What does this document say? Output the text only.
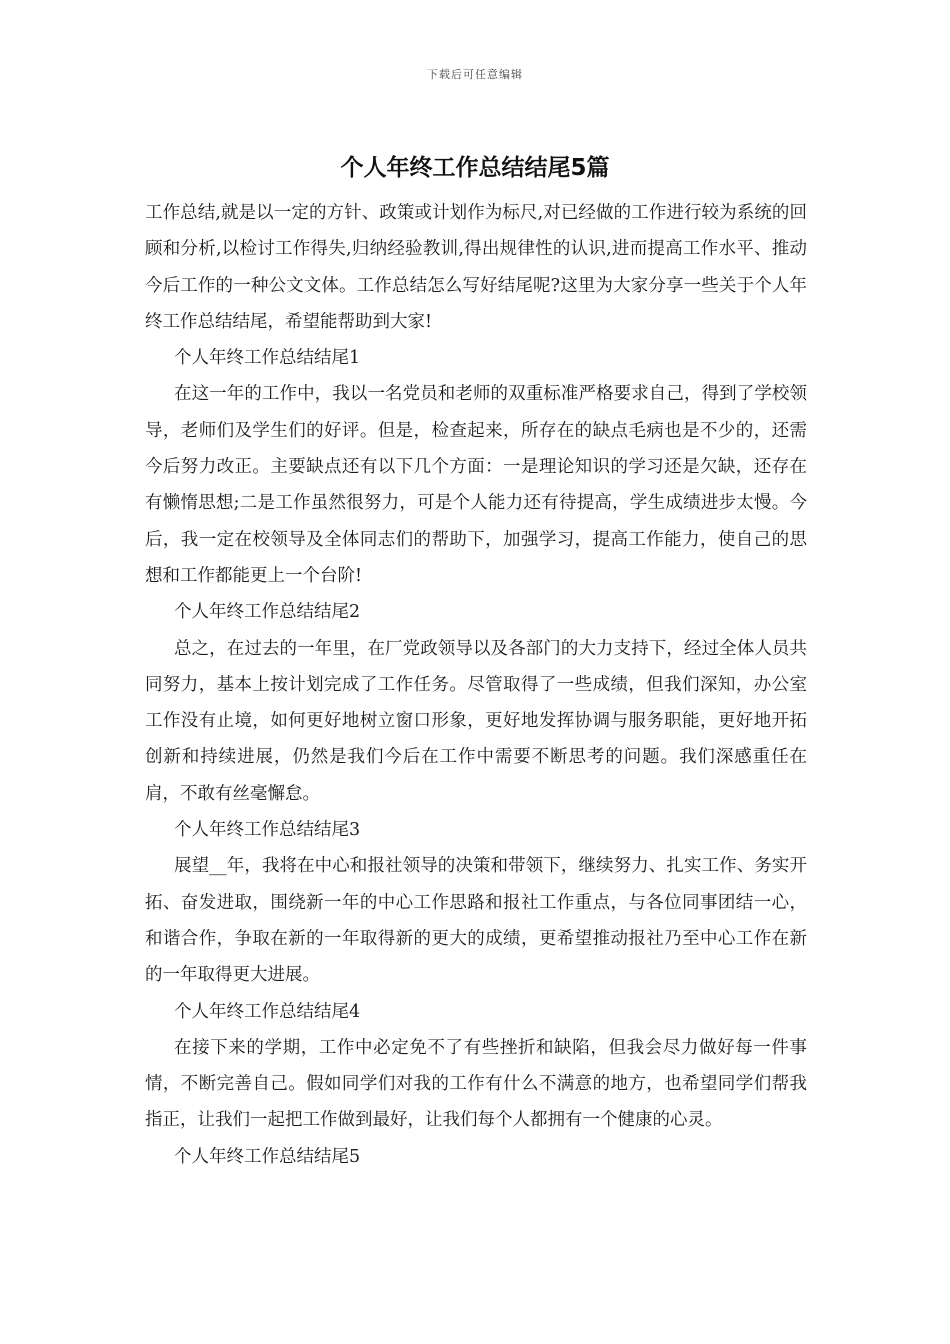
下载后可任意编辑
个人年终工作总结结尾5篇

工作总结,就是以一定的方针、政策或计划作为标尺,对已经做的工作进行较为系统的回顾和分析,以检讨工作得失,归纳经验教训,得出规律性的认识,进而提高工作水平、推动今后工作的一种公文文体。工作总结怎么写好结尾呢?这里为大家分享一些关于个人年终工作总结结尾，希望能帮助到大家!

个人年终工作总结结尾1

在这一年的工作中，我以一名党员和老师的双重标准严格要求自己，得到了学校领导，老师们及学生们的好评。但是，检查起来，所存在的缺点毛病也是不少的，还需今后努力改正。主要缺点还有以下几个方面：一是理论知识的学习还是欠缺，还存在有懒惰思想;二是工作虽然很努力，可是个人能力还有待提高，学生成绩进步太慢。今后，我一定在校领导及全体同志们的帮助下，加强学习，提高工作能力，使自己的思想和工作都能更上一个台阶!

个人年终工作总结结尾2

总之，在过去的一年里，在厂党政领导以及各部门的大力支持下，经过全体人员共同努力，基本上按计划完成了工作任务。尽管取得了一些成绩，但我们深知，办公室工作没有止境，如何更好地树立窗口形象，更好地发挥协调与服务职能，更好地开拓创新和持续进展，仍然是我们今后在工作中需要不断思考的问题。我们深感重任在肩，不敢有丝毫懈怠。

个人年终工作总结结尾3

展望__年，我将在中心和报社领导的决策和带领下，继续努力、扎实工作、务实开拓、奋发进取，围绕新一年的中心工作思路和报社工作重点，与各位同事团结一心，和谐合作，争取在新的一年取得新的更大的成绩，更希望推动报社乃至中心工作在新的一年取得更大进展。

个人年终工作总结结尾4

在接下来的学期，工作中必定免不了有些挫折和缺陷，但我会尽力做好每一件事情，不断完善自己。假如同学们对我的工作有什么不满意的地方，也希望同学们帮我指正，让我们一起把工作做到最好，让我们每个人都拥有一个健康的心灵。

个人年终工作总结结尾5
